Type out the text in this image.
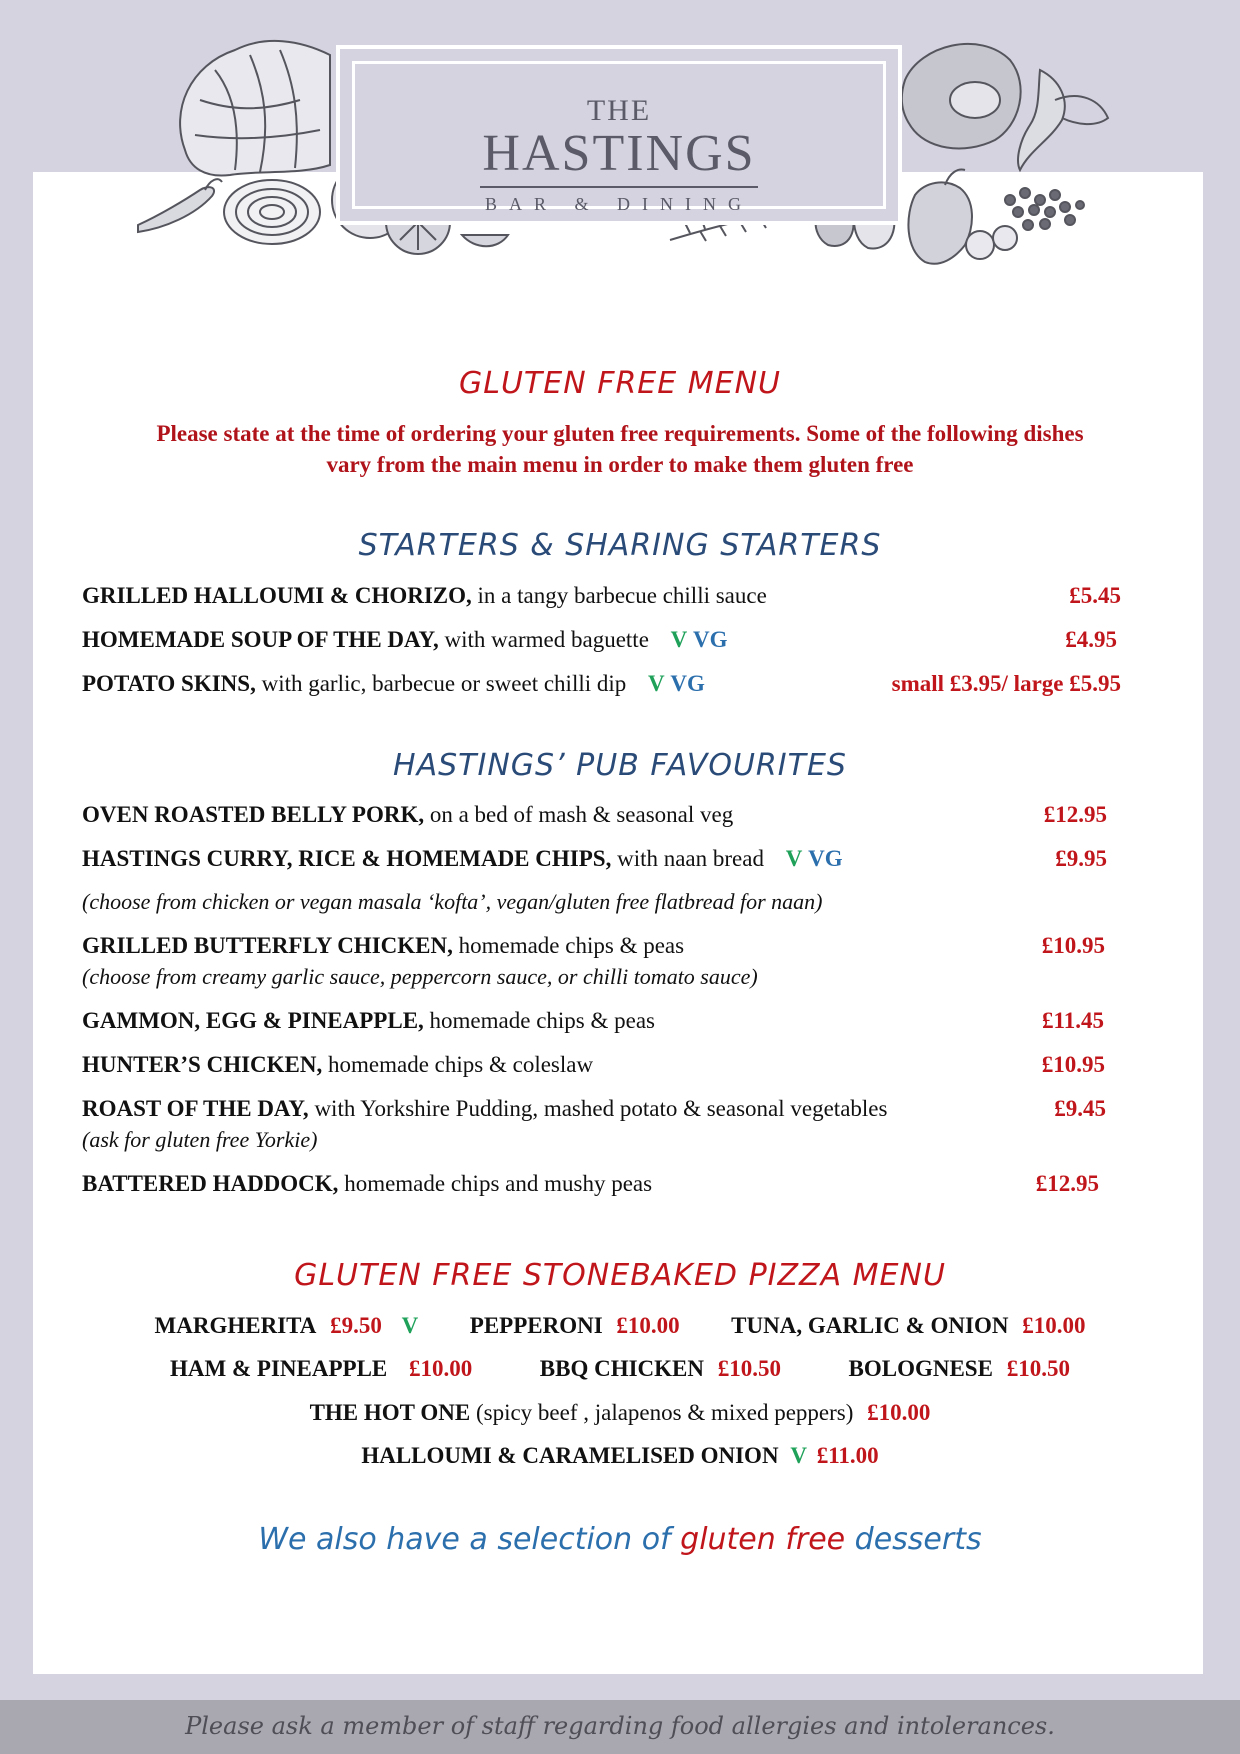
THE
HASTINGS
BAR & DINING
GLUTEN FREE MENU
Please state at the time of ordering your gluten free requirements. Some of the following dishes
vary from the main menu in order to make them gluten free
STARTERS & SHARING STARTERS
GRILLED HALLOUMI & CHORIZO, in a tangy barbecue chilli sauce	£5.45
HOMEMADE SOUP OF THE DAY, with warmed baguette V VG	£4.95
POTATO SKINS, with garlic, barbecue or sweet chilli dip V VG	small £3.95/ large £5.95
HASTINGS’ PUB FAVOURITES
OVEN ROASTED BELLY PORK, on a bed of mash & seasonal veg	£12.95
HASTINGS CURRY, RICE & HOMEMADE CHIPS, with naan bread V VG	£9.95
(choose from chicken or vegan masala ‘kofta’, vegan/gluten free flatbread for naan)
GRILLED BUTTERFLY CHICKEN, homemade chips & peas	£10.95
(choose from creamy garlic sauce, peppercorn sauce, or chilli tomato sauce)
GAMMON, EGG & PINEAPPLE, homemade chips & peas	£11.45
HUNTER’S CHICKEN, homemade chips & coleslaw	£10.95
ROAST OF THE DAY, with Yorkshire Pudding, mashed potato & seasonal vegetables	£9.45
(ask for gluten free Yorkie)
BATTERED HADDOCK, homemade chips and mushy peas	£12.95
GLUTEN FREE STONEBAKED PIZZA MENU
MARGHERITA £9.50 V PEPPERONI £10.00 TUNA, GARLIC & ONION £10.00
HAM & PINEAPPLE £10.00	BBQ CHICKEN £10.50	BOLOGNESE £10.50
THE HOT ONE (spicy beef , jalapenos & mixed peppers) £10.00
HALLOUMI & CARAMELISED ONION V £11.00
We also have a selection of gluten free desserts
Please ask a member of staff regarding food allergies and intolerances.
